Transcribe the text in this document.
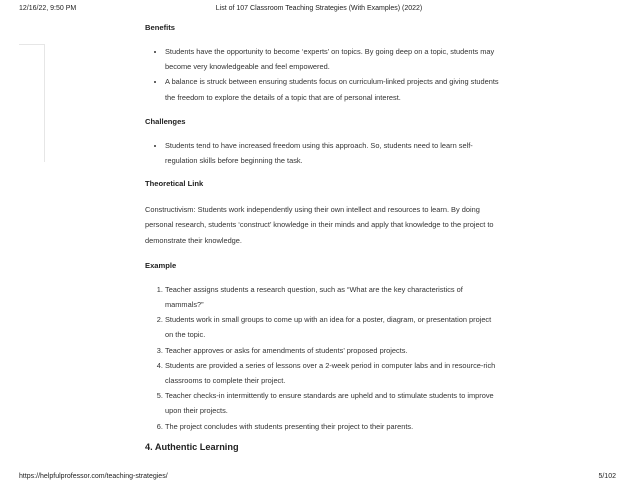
12/16/22, 9:50 PM	List of 107 Classroom Teaching Strategies (With Examples) (2022)
Benefits
• Students have the opportunity to become ‘experts’ on topics. By going deep on a topic, students may become very knowledgeable and feel empowered.
• A balance is struck between ensuring students focus on curriculum-linked projects and giving students the freedom to explore the details of a topic that are of personal interest.
Challenges
• Students tend to have increased freedom using this approach. So, students need to learn self-regulation skills before beginning the task.
Theoretical Link

Constructivism: Students work independently using their own intellect and resources to learn. By doing personal research, students ‘construct’ knowledge in their minds and apply that knowledge to the project to demonstrate their knowledge.

Example
1. Teacher assigns students a research question, such as “What are the key characteristics of mammals?”
2. Students work in small groups to come up with an idea for a poster, diagram, or presentation project on the topic.
3. Teacher approves or asks for amendments of students’ proposed projects.
4. Students are provided a series of lessons over a 2-week period in computer labs and in resource-rich classrooms to complete their project.
5. Teacher checks-in intermittently to ensure standards are upheld and to stimulate students to improve upon their projects.
6. The project concludes with students presenting their project to their parents.
4. Authentic Learning
https://helpfulprofessor.com/teaching-strategies/	5/102
